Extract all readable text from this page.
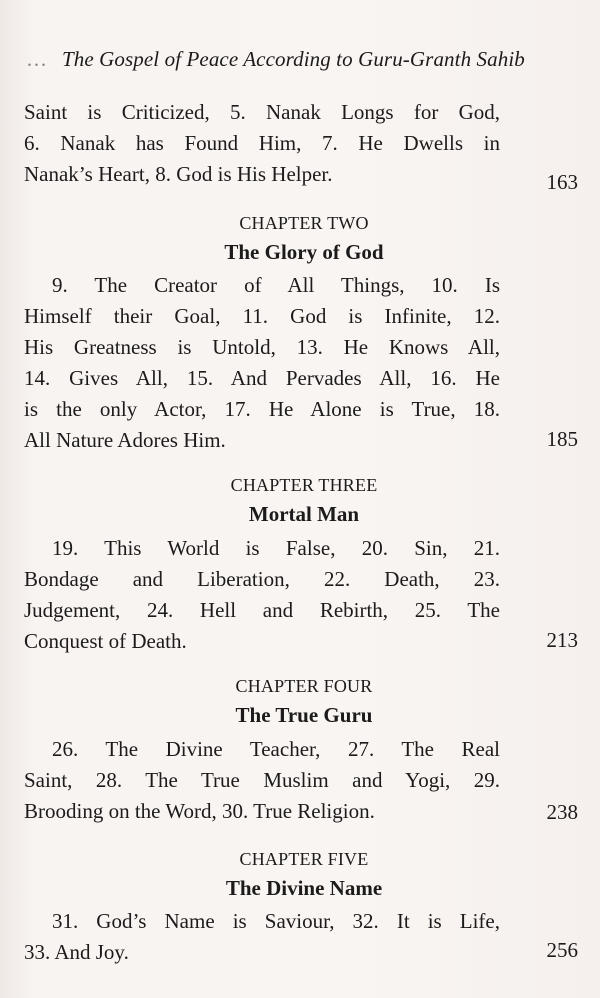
… The Gospel of Peace According to Guru-Granth Sahib
Saint is Criticized, 5. Nanak Longs for God,
6. Nanak has Found Him, 7. He Dwells in
Nanak’s Heart, 8. God is His Helper.	163
CHAPTER TWO
The Glory of God
9. The Creator of All Things, 10. Is
Himself their Goal, 11. God is Infinite, 12.
His Greatness is Untold, 13. He Knows All,
14. Gives All, 15. And Pervades All, 16. He
is the only Actor, 17. He Alone is True, 18.
All Nature Adores Him.	185
CHAPTER THREE
Mortal Man
19. This World is False, 20. Sin, 21.
Bondage and Liberation, 22. Death, 23.
Judgement, 24. Hell and Rebirth, 25. The
Conquest of Death.	213
CHAPTER FOUR
The True Guru
26. The Divine Teacher, 27. The Real
Saint, 28. The True Muslim and Yogi, 29.
Brooding on the Word, 30. True Religion.	238
CHAPTER FIVE
The Divine Name
31. God’s Name is Saviour, 32. It is Life,
33. And Joy.	256
